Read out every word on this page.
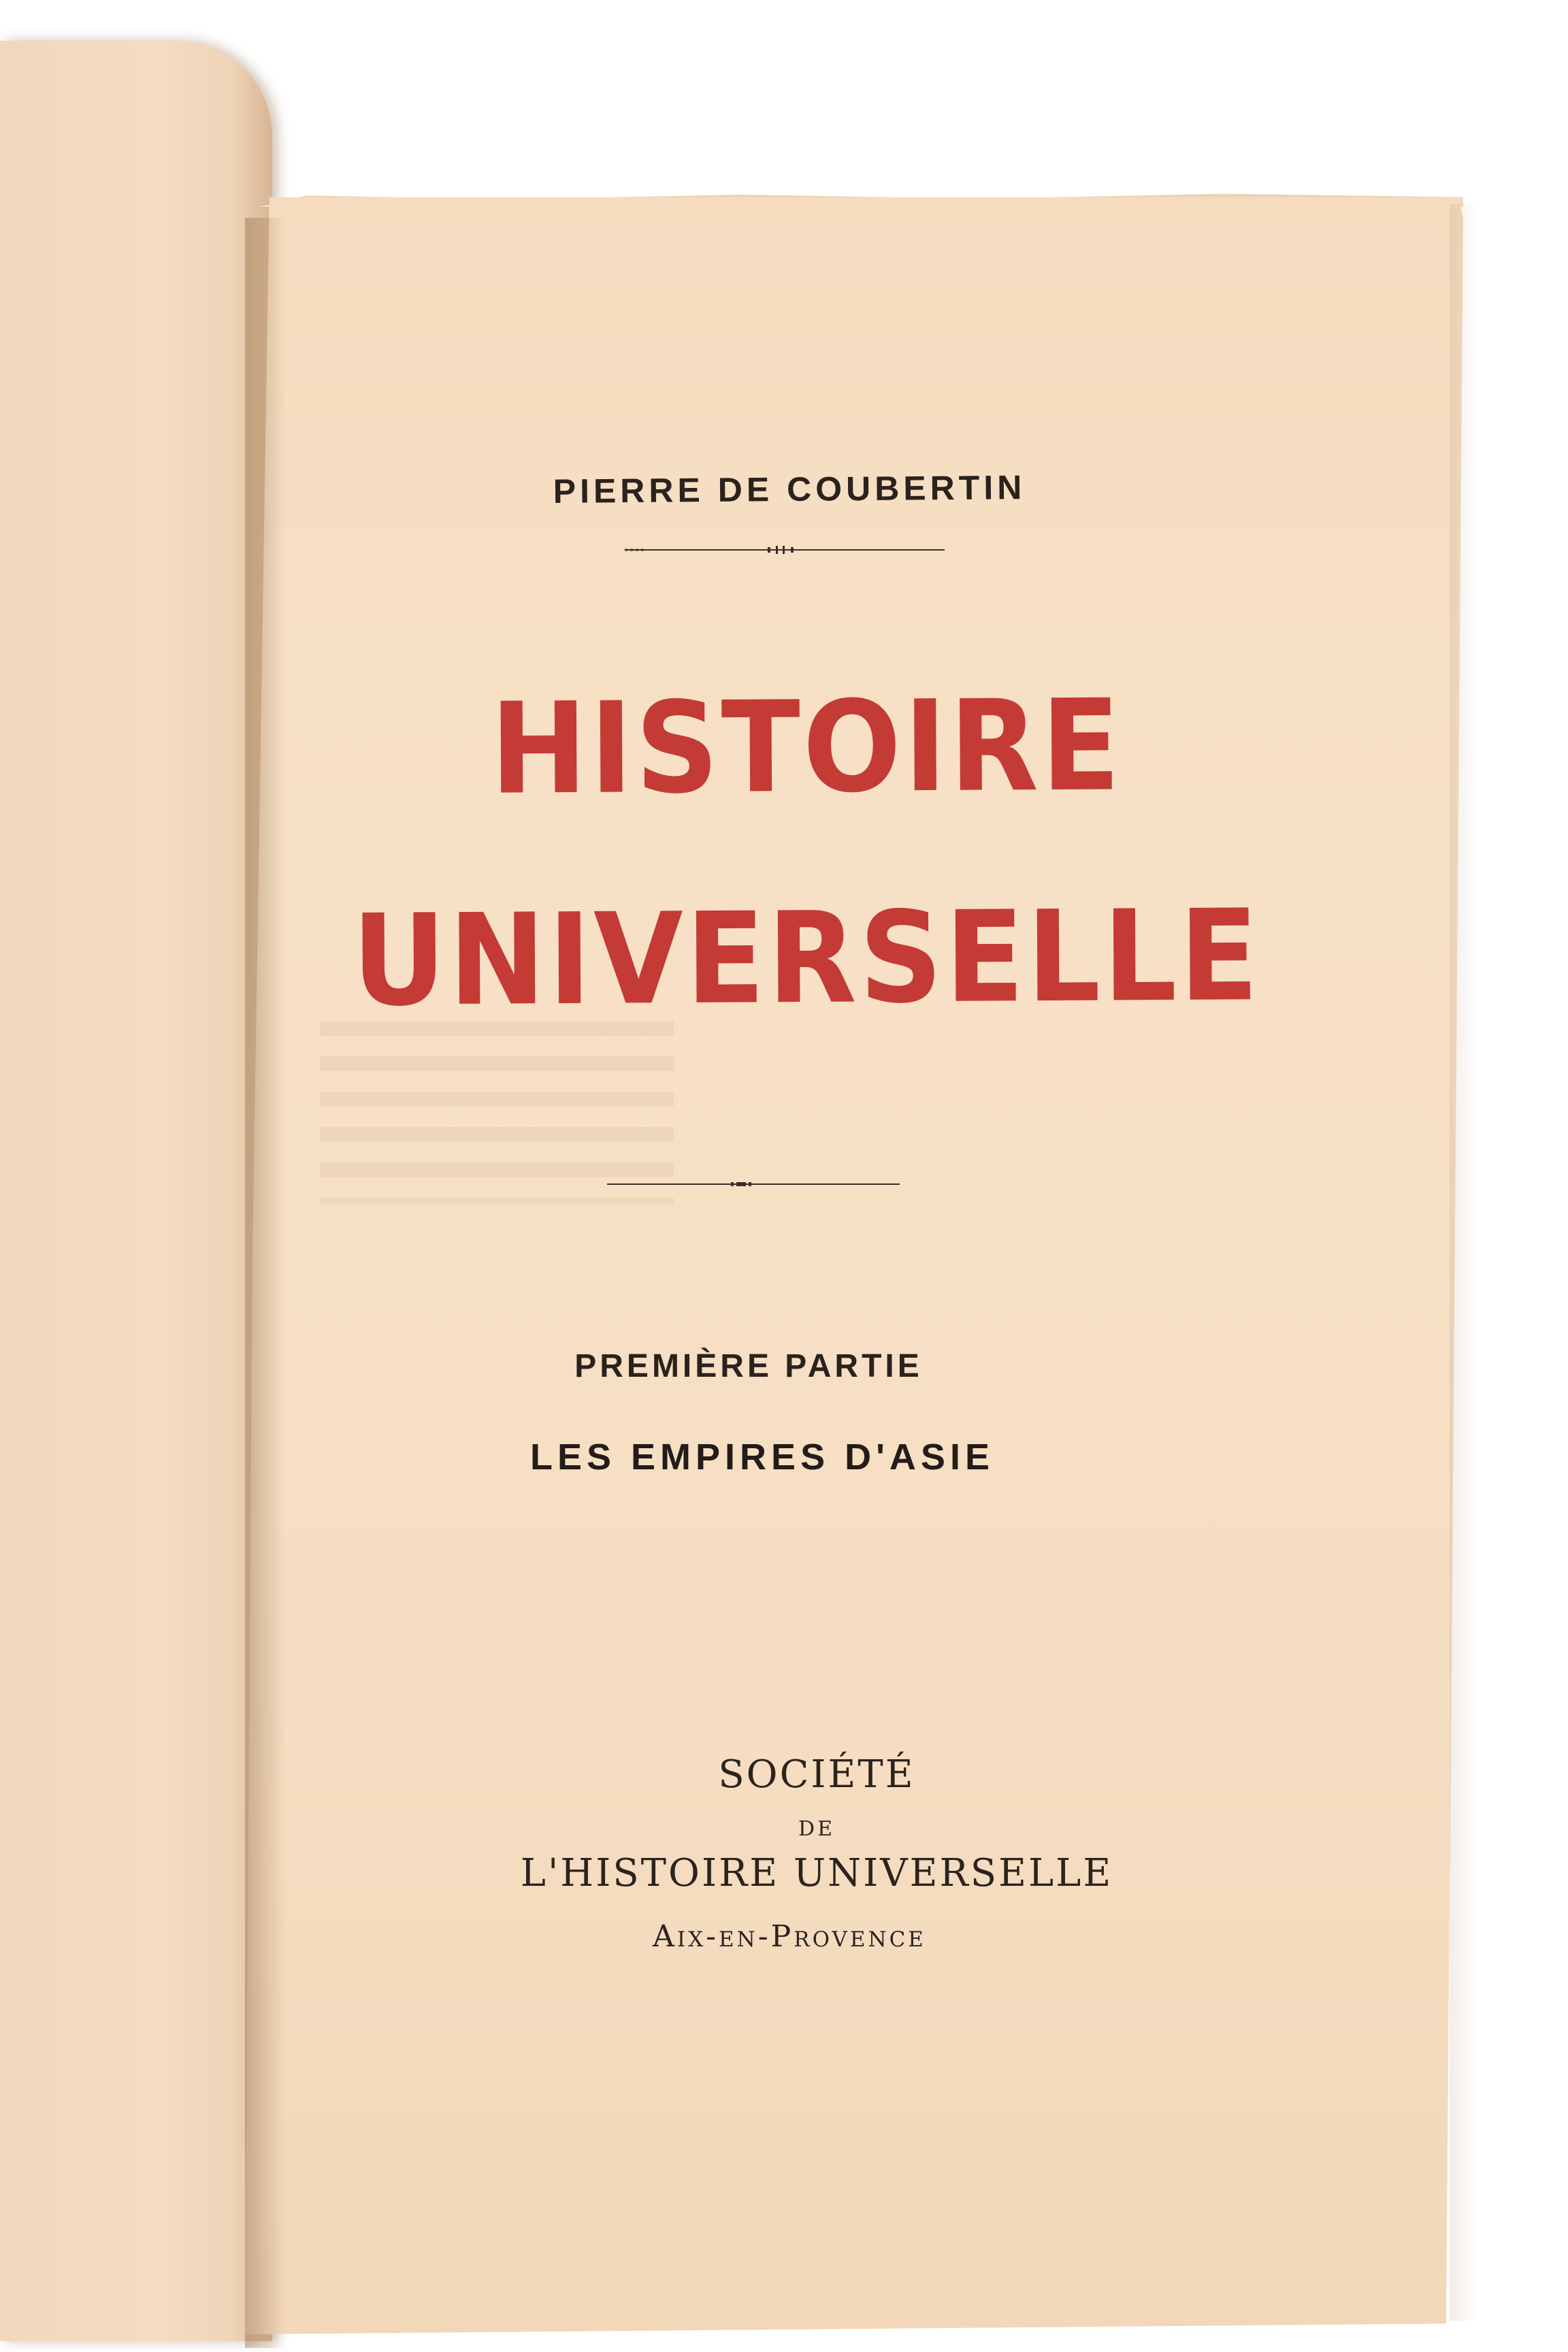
PIERRE DE COUBERTIN
HISTOIRE
UNIVERSELLE
PREMIÈRE PARTIE
LES EMPIRES D'ASIE
SOCIÉTÉ
DE
L'HISTOIRE UNIVERSELLE
Aix-en-Provence
